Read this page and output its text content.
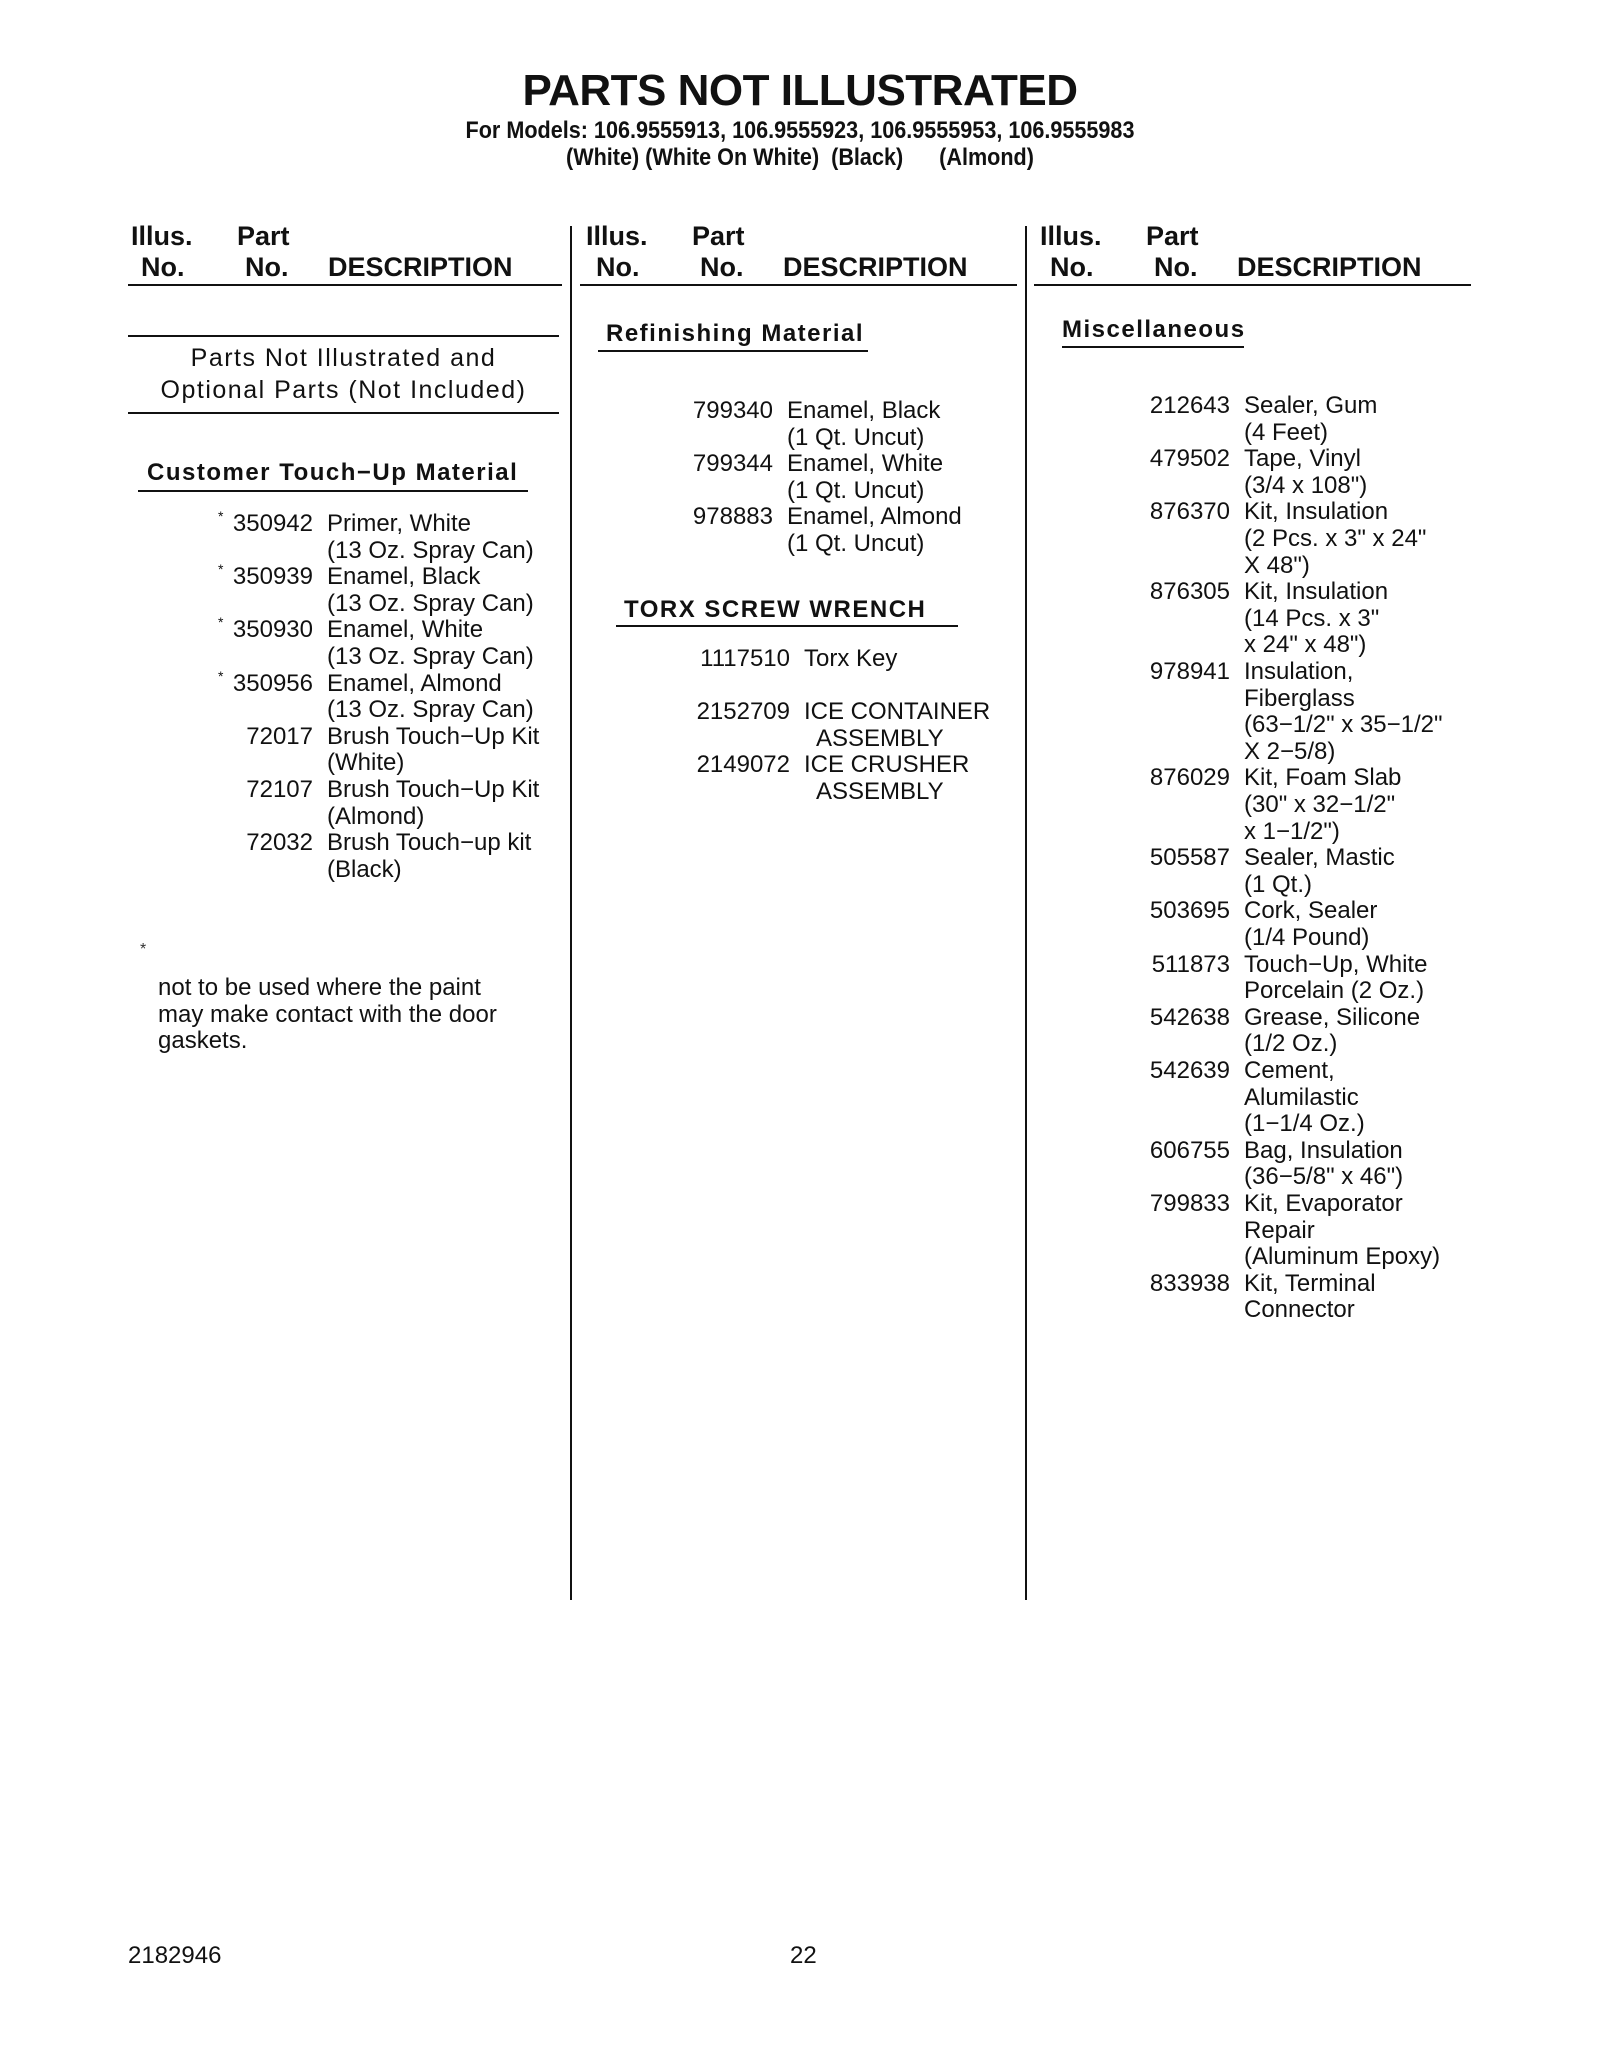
PARTS NOT ILLUSTRATED
For Models: 106.9555913, 106.9555923, 106.9555953, 106.9555983
(White) (White On White)  (Black)      (Almond)
Illus.
No.
Part
No. DESCRIPTION
Illus.
No.
Part
No. DESCRIPTION
Illus.
No.
Part
No. DESCRIPTION
Parts Not Illustrated and
Optional Parts (Not Included)
Customer Touch−Up Material
* 350942 Primer, White
(13 Oz. Spray Can)
* 350939 Enamel, Black
(13 Oz. Spray Can)
* 350930 Enamel, White
(13 Oz. Spray Can)
* 350956 Enamel, Almond
(13 Oz. Spray Can)
72017 Brush Touch−Up Kit
(White)
72107 Brush Touch−Up Kit
(Almond)
72032 Brush Touch−up kit
(Black)
*
not to be used where the paint
may make contact with the door
gaskets.
Refinishing Material
799340 Enamel, Black
(1 Qt. Uncut)
799344 Enamel, White
(1 Qt. Uncut)
978883 Enamel, Almond
(1 Qt. Uncut)
TORX SCREW WRENCH
1117510 Torx Key
2152709 ICE CONTAINER
ASSEMBLY
2149072 ICE CRUSHER
ASSEMBLY
Miscellaneous
212643 Sealer, Gum
(4 Feet)
479502 Tape, Vinyl
(3/4 x 108")
876370 Kit, Insulation
(2 Pcs. x 3" x 24"
X 48")
876305 Kit, Insulation
(14 Pcs. x 3"
x 24" x 48")
978941 Insulation,
Fiberglass
(63−1/2" x 35−1/2"
X 2−5/8)
876029 Kit, Foam Slab
(30" x 32−1/2"
x 1−1/2")
505587 Sealer, Mastic
(1 Qt.)
503695 Cork, Sealer
(1/4 Pound)
511873 Touch−Up, White
Porcelain (2 Oz.)
542638 Grease, Silicone
(1/2 Oz.)
542639 Cement,
Alumilastic
(1−1/4 Oz.)
606755 Bag, Insulation
(36−5/8" x 46")
799833 Kit, Evaporator
Repair
(Aluminum Epoxy)
833938 Kit, Terminal
Connector
2182946	22
